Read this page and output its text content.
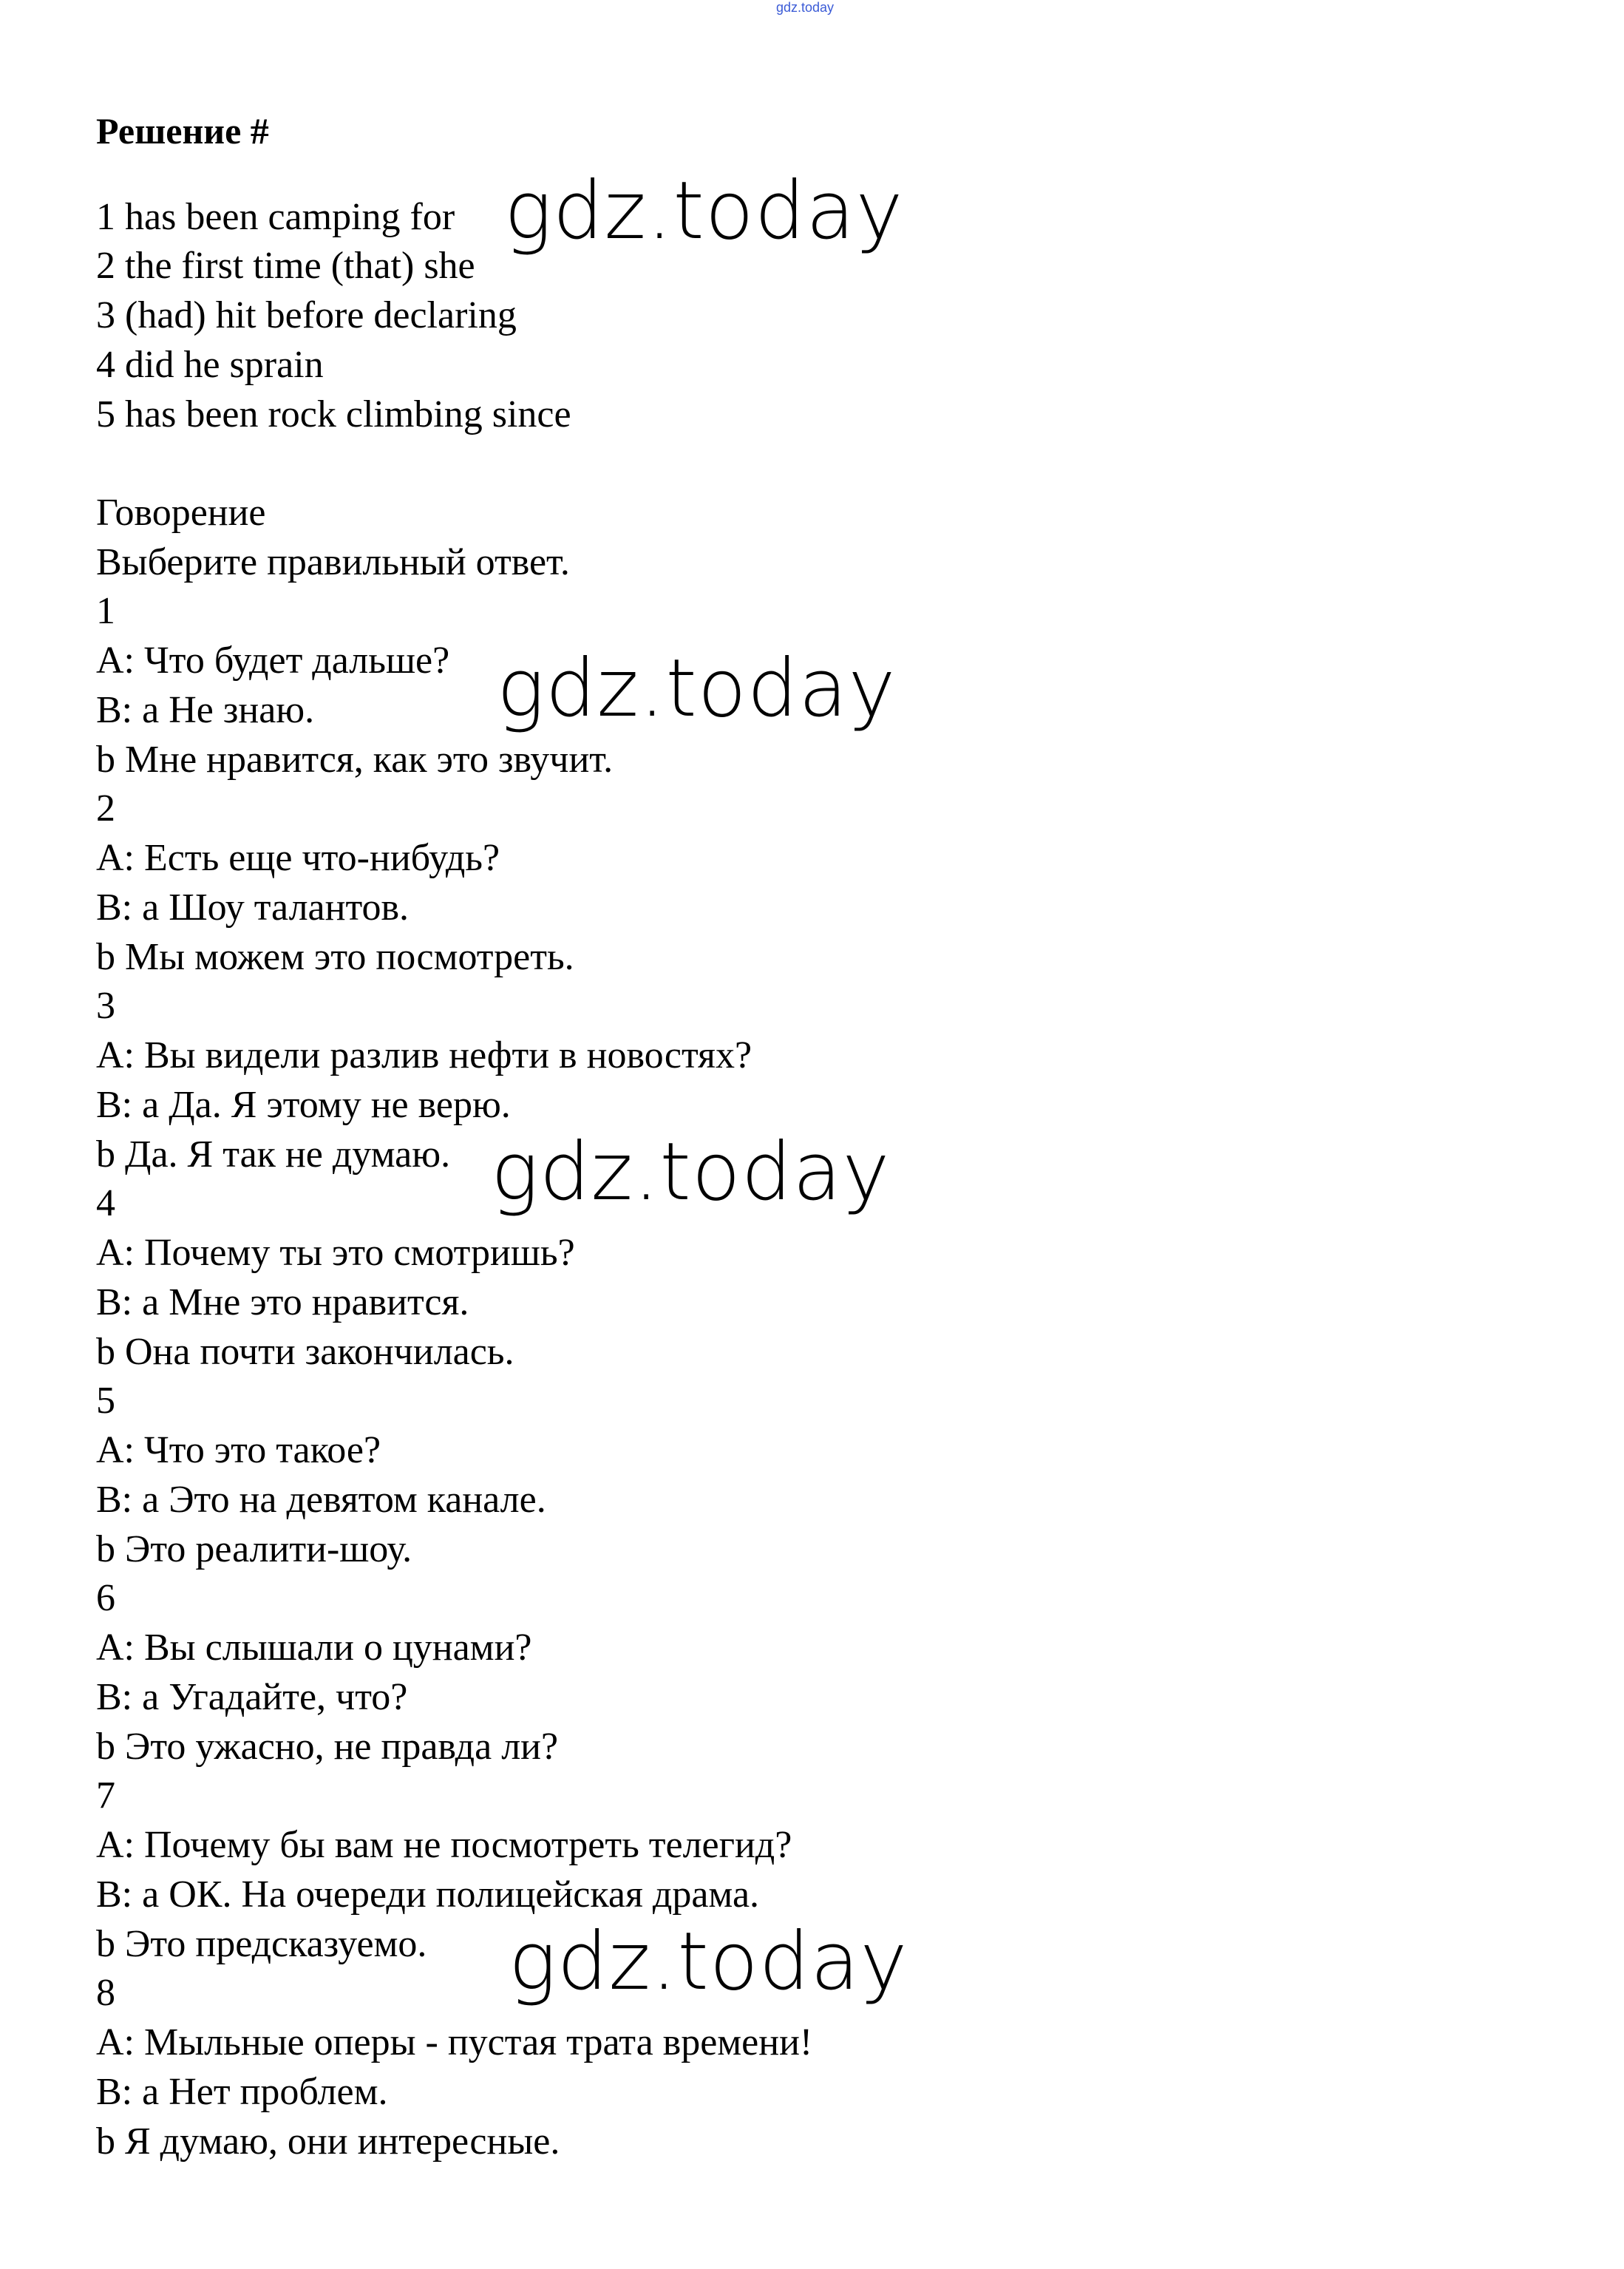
gdz.today
Решение #
1 has been camping for
2 the first time (that) she
3 (had) hit before declaring
4 did he sprain
5 has been rock climbing since
Говорение
Выберите правильный ответ.
1
A: Что будет дальше?
B: a Не знаю.
b Мне нравится, как это звучит.
2
A: Есть еще что-нибудь?
B: a Шоу талантов.
b Мы можем это посмотреть.
3
A: Вы видели разлив нефти в новостях?
B: a Да. Я этому не верю.
b Да. Я так не думаю.
4
A: Почему ты это смотришь?
B: a Мне это нравится.
b Она почти закончилась.
5
A: Что это такое?
B: a Это на девятом канале.
b Это реалити-шоу.
6
A: Вы слышали о цунами?
B: a Угадайте, что?
b Это ужасно, не правда ли?
7
A: Почему бы вам не посмотреть телегид?
B: a ОК. На очереди полицейская драма.
b Это предсказуемо.
8
A: Мыльные оперы - пустая трата времени!
B: a Нет проблем.
b Я думаю, они интересные.
gdz.today
gdz.today
gdz.today
gdz.today
